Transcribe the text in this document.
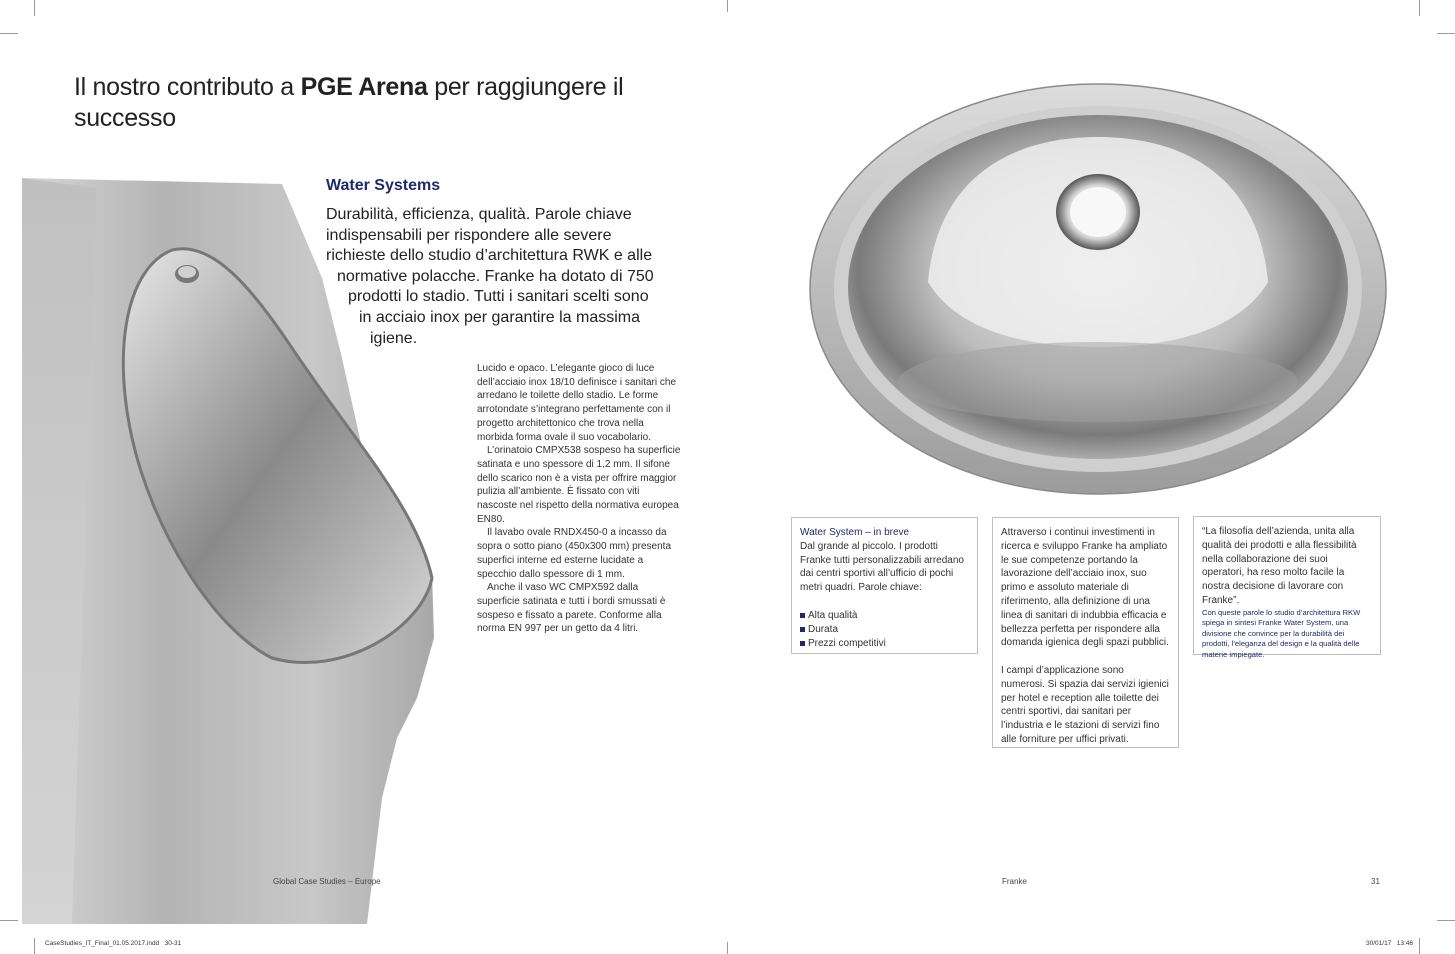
Il nostro contributo a PGE Arena per raggiungere il
successo
Water Systems
Durabilità, efficienza, qualità. Parole chiave
indispensabili per rispondere alle severe
richieste dello studio d’architettura RWK e alle
normative polacche. Franke ha dotato di 750
prodotti lo stadio. Tutti i sanitari scelti sono
in acciaio inox per garantire la massima
igiene.

Lucido e opaco. L’elegante gioco di luce dell’acciaio inox 18/10 definisce i sanitari che arredano le toilette dello stadio. Le forme arrotondate s’integrano perfettamente con il progetto architettonico che trova nella morbida forma ovale il suo vocabolario.

L’orinatoio CMPX538 sospeso ha superficie satinata e uno spessore di 1,2 mm. Il sifone dello scarico non è a vista per offrire maggior pulizia all’ambiente. È fissato con viti nascoste nel rispetto della normativa europea EN80.

Il lavabo ovale RNDX450-0 a incasso da sopra o sotto piano (450x300 mm) presenta superfici interne ed esterne lucidate a specchio dallo spessore di 1 mm.

Anche il vaso WC CMPX592 dalla superficie satinata e tutti i bordi smussati è sospeso e fissato a parete. Conforme alla norma EN 997 per un getto da 4 litri.

Global Case Studies – Europe

Water System – in breve

Dal grande al piccolo. I prodotti Franke tutti personalizzabili arredano dai centri sportivi all’ufficio di pochi metri quadri. Parole chiave:

Alta qualità
Durata
Prezzi competitivi

Attraverso i continui investimenti in ricerca e sviluppo Franke ha ampliato le sue competenze portando la lavorazione dell’acciaio inox, suo primo e assoluto materiale di riferimento, alla definizione di una linea di sanitari di indubbia efficacia e bellezza perfetta per rispondere alla domanda igienica degli spazi pubblici.

I campi d’applicazione sono numerosi. Si spazia dai servizi igienici per hotel e reception alle toilette dei centri sportivi, dai sanitari per l’industria e le stazioni di servizi fino alle forniture per uffici privati.

“La filosofia dell’azienda, unita alla qualità dei prodotti e alla flessibilità nella collaborazione dei suoi operatori, ha reso molto facile la nostra decisione di lavorare con Franke”.

Con queste parole lo studio d’architettura RKW spiega in sintesi Franke Water System, una divisione che convince per la durabilità dei prodotti, l’eleganza del design e la qualità delle materie impiegate.

Franke	31
CaseStudies_IT_Final_01.05.2017.indd   30-31	30/01/17   13:46
